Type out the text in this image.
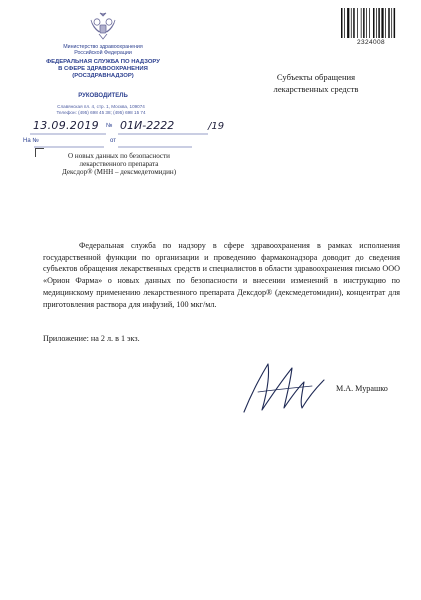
Министерство здравоохранения
Российской Федерации
ФЕДЕРАЛЬНАЯ СЛУЖБА ПО НАДЗОРУ
В СФЕРЕ ЗДРАВООХРАНЕНИЯ
(РОСЗДРАВНАДЗОР)
РУКОВОДИТЕЛЬ
Славянская пл. 4, стр. 1, Москва, 109074
Телефон: (495) 698 45 38; (495) 698 15 74
13.09.2019 № 01И-2222	/19
На №	от
О новых данных по безопасности
лекарственного препарата
Дексдор® (МНН – дексмедетомидин)
2324008
Субъекты обращения
лекарственных средств

Федеральная служба по надзору в сфере здравоохранения в рамках исполнения государственной функции по организации и проведению фармаконадзора доводит до сведения субъектов обращения лекарственных средств и специалистов в области здравоохранения письмо ООО «Орион Фарма» о новых данных по безопасности и внесении изменений в инструкцию по медицинскому применению лекарственного препарата Дексдор® (дексмедетомидин), концентрат для приготовления раствора для инфузий, 100 мкг/мл.

Приложение: на 2 л. в 1 экз.
М.А. Мурашко
